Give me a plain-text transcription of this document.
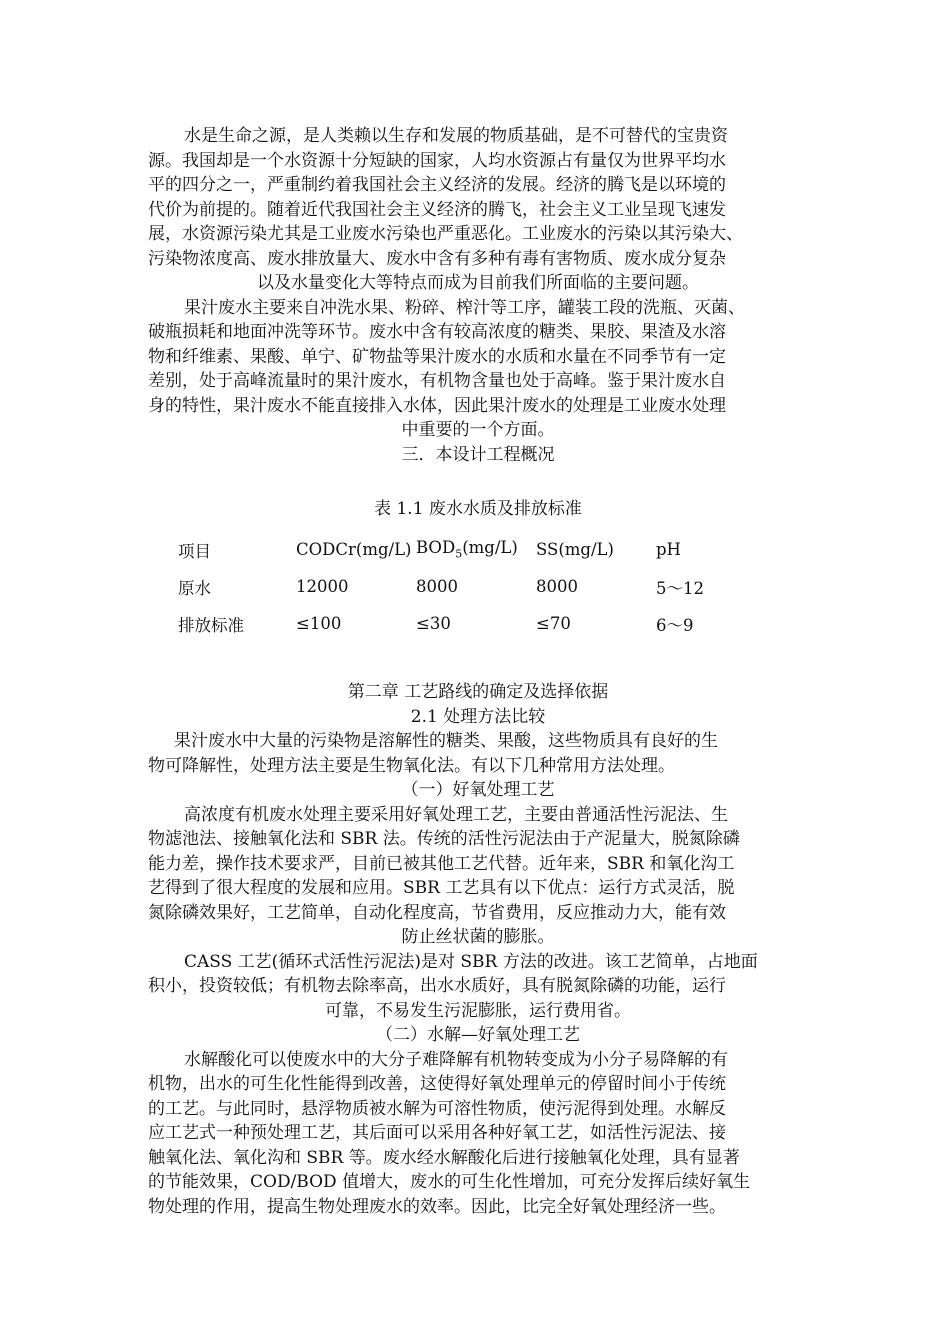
水是生命之源，是人类赖以生存和发展的物质基础，是不可替代的宝贵资
源。我国却是一个水资源十分短缺的国家，人均水资源占有量仅为世界平均水
平的四分之一，严重制约着我国社会主义经济的发展。经济的腾飞是以环境的
代价为前提的。随着近代我国社会主义经济的腾飞，社会主义工业呈现飞速发
展，水资源污染尤其是工业废水污染也严重恶化。工业废水的污染以其污染大、
污染物浓度高、废水排放量大、废水中含有多种有毒有害物质、废水成分复杂
以及水量变化大等特点而成为目前我们所面临的主要问题。
果汁废水主要来自冲洗水果、粉碎、榨汁等工序，罐装工段的洗瓶、灭菌、
破瓶损耗和地面冲洗等环节。废水中含有较高浓度的糖类、果胶、果渣及水溶
物和纤维素、果酸、单宁、矿物盐等果汁废水的水质和水量在不同季节有一定
差别，处于高峰流量时的果汁废水，有机物含量也处于高峰。鉴于果汁废水自
身的特性，果汁废水不能直接排入水体，因此果汁废水的处理是工业废水处理
中重要的一个方面。

三．本设计工程概况

表 1.1 废水水质及排放标准

项目	CODCr(mg/L)	$BOD_5(mg/L)$	SS(mg/L)	pH
原水	12000	8000	8000	5～12
排放标准	≤100	≤30	≤70	6～9

第二章 工艺路线的确定及选择依据

2.1 处理方法比较

果汁废水中大量的污染物是溶解性的糖类、果酸，这些物质具有良好的生
物可降解性，处理方法主要是生物氧化法。有以下几种常用方法处理。

（一）好氧处理工艺

高浓度有机废水处理主要采用好氧处理工艺，主要由普通活性污泥法、生
物滤池法、接触氧化法和 SBR 法。传统的活性污泥法由于产泥量大，脱氮除磷
能力差，操作技术要求严，目前已被其他工艺代替。近年来，SBR 和氧化沟工
艺得到了很大程度的发展和应用。SBR 工艺具有以下优点：运行方式灵活，脱
氮除磷效果好，工艺简单，自动化程度高，节省费用，反应推动力大，能有效
防止丝状菌的膨胀。
CASS 工艺(循环式活性污泥法)是对 SBR 方法的改进。该工艺简单，占地面
积小，投资较低；有机物去除率高，出水水质好，具有脱氮除磷的功能，运行
可靠，不易发生污泥膨胀，运行费用省。

（二）水解—好氧处理工艺

水解酸化可以使废水中的大分子难降解有机物转变成为小分子易降解的有
机物，出水的可生化性能得到改善，这使得好氧处理单元的停留时间小于传统
的工艺。与此同时，悬浮物质被水解为可溶性物质，使污泥得到处理。水解反
应工艺式一种预处理工艺，其后面可以采用各种好氧工艺，如活性污泥法、接
触氧化法、氧化沟和 SBR 等。废水经水解酸化后进行接触氧化处理，具有显著
的节能效果，COD/BOD 值增大，废水的可生化性增加，可充分发挥后续好氧生
物处理的作用，提高生物处理废水的效率。因此，比完全好氧处理经济一些。
